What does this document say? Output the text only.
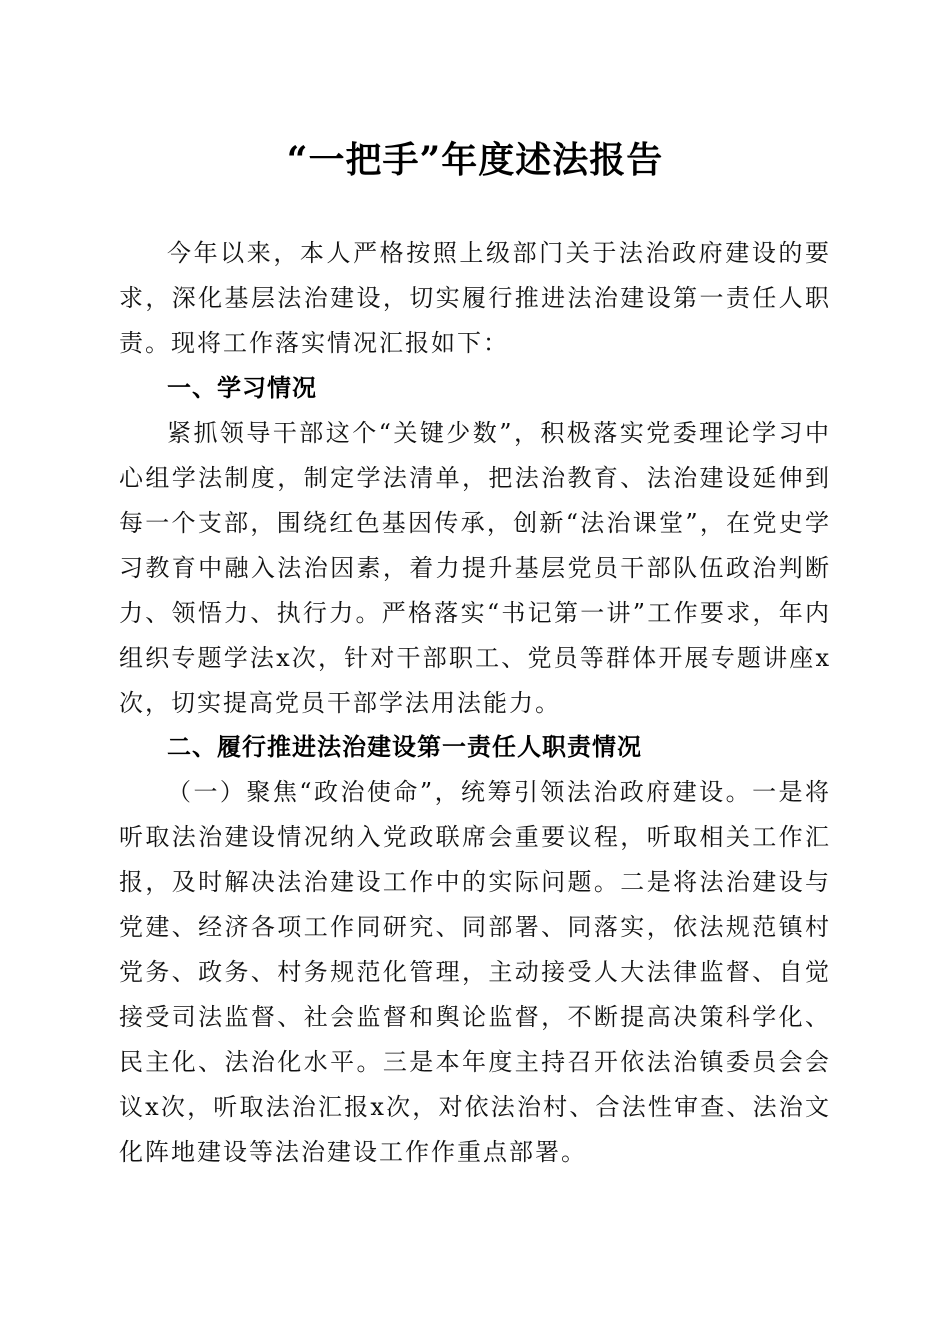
“一把手”年度述法报告

今年以来，本人严格按照上级部门关于法治政府建设的要求，深化基层法治建设，切实履行推进法治建设第一责任人职责。现将工作落实情况汇报如下：

一、学习情况

紧抓领导干部这个“关键少数”，积极落实党委理论学习中心组学法制度，制定学法清单，把法治教育、法治建设延伸到每一个支部，围绕红色基因传承，创新“法治课堂”，在党史学习教育中融入法治因素，着力提升基层党员干部队伍政治判断力、领悟力、执行力。严格落实“书记第一讲”工作要求，年内组织专题学法x次，针对干部职工、党员等群体开展专题讲座x次，切实提高党员干部学法用法能力。

二、履行推进法治建设第一责任人职责情况

（一）聚焦“政治使命”，统筹引领法治政府建设。一是将听取法治建设情况纳入党政联席会重要议程，听取相关工作汇报，及时解决法治建设工作中的实际问题。二是将法治建设与党建、经济各项工作同研究、同部署、同落实，依法规范镇村党务、政务、村务规范化管理，主动接受人大法律监督、自觉接受司法监督、社会监督和舆论监督，不断提高决策科学化、民主化、法治化水平。三是本年度主持召开依法治镇委员会会议x次，听取法治汇报x次，对依法治村、合法性审查、法治文化阵地建设等法治建设工作作重点部署。
